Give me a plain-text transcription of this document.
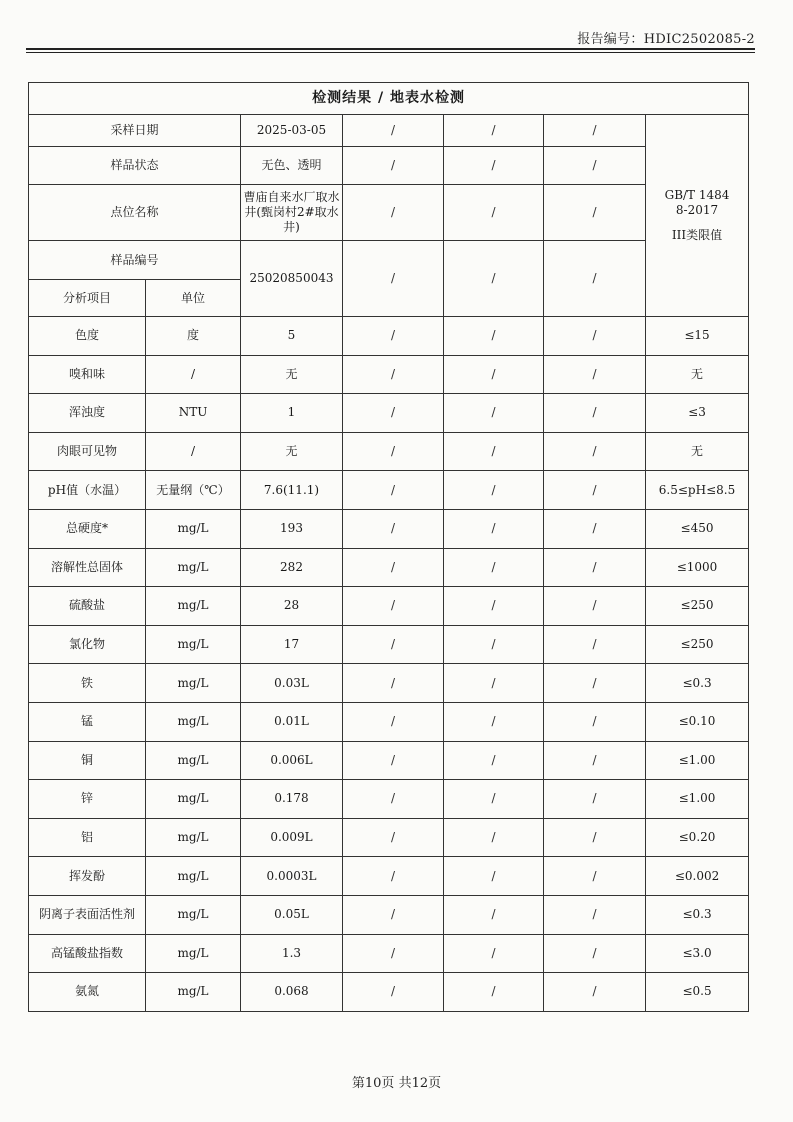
报告编号：HDIC2502085-2
检测结果 / 地表水检测						
采样日期		2025-03-05	/	/	/	GB/T 14848-2017
III类限值

样品状态		无色、透明	/	/	/	
点位名称		曹庙自来水厂取水井(甄岗村2#取水井)	/	/	/	
样品编号		25020850043	/	/	/	
分析项目	单位					
色度	度	5	/	/	/	≤15
嗅和味	/	无	/	/	/	无
浑浊度	NTU	1	/	/	/	≤3
肉眼可见物	/	无	/	/	/	无
pH值（水温）	无量纲（℃）	7.6(11.1)	/	/	/	6.5≤pH≤8.5
总硬度*	mg/L	193	/	/	/	≤450
溶解性总固体	mg/L	282	/	/	/	≤1000
硫酸盐	mg/L	28	/	/	/	≤250
氯化物	mg/L	17	/	/	/	≤250
铁	mg/L	0.03L	/	/	/	≤0.3
锰	mg/L	0.01L	/	/	/	≤0.10
铜	mg/L	0.006L	/	/	/	≤1.00
锌	mg/L	0.178	/	/	/	≤1.00
铝	mg/L	0.009L	/	/	/	≤0.20
挥发酚	mg/L	0.0003L	/	/	/	≤0.002
阴离子表面活性剂	mg/L	0.05L	/	/	/	≤0.3
高锰酸盐指数	mg/L	1.3	/	/	/	≤3.0
氨氮	mg/L	0.068	/	/	/	≤0.5
第10页 共12页
